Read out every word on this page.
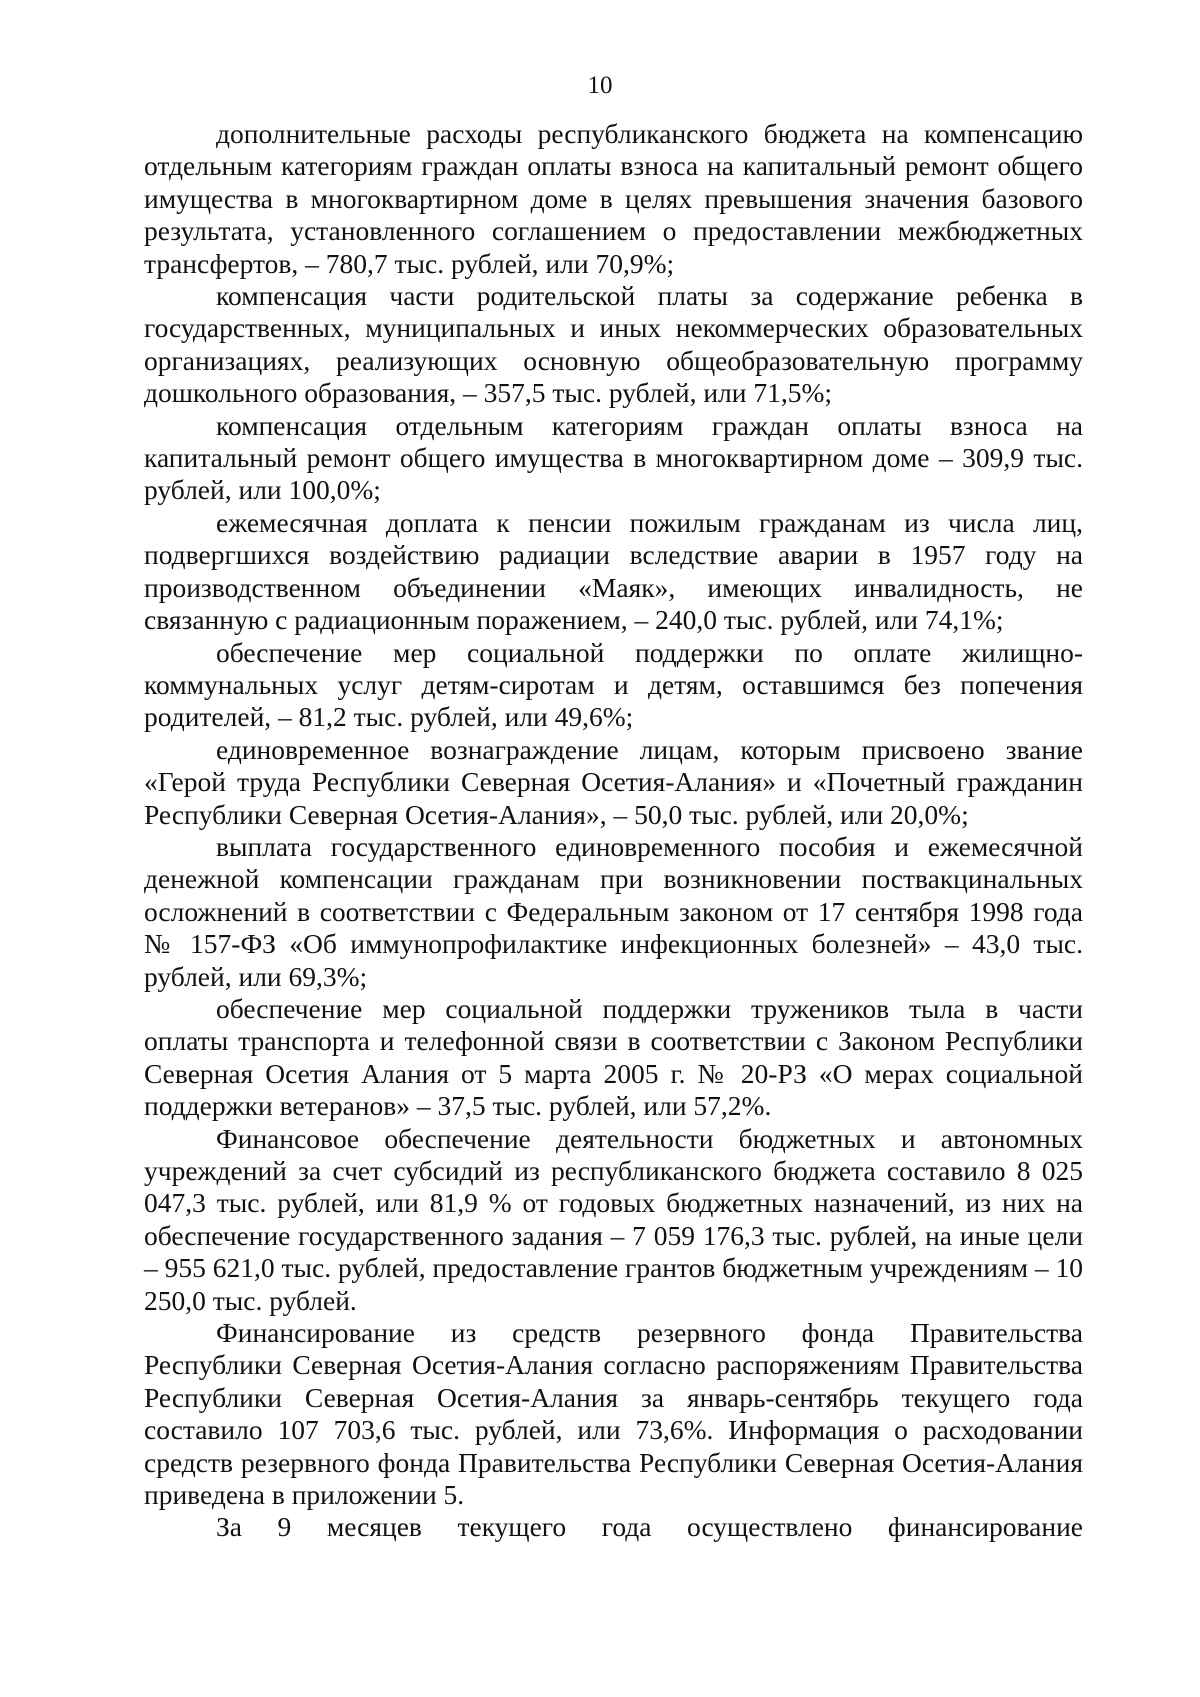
10

дополнительные расходы республиканского бюджета на компенсацию отдельным категориям граждан оплаты взноса на капитальный ремонт общего имущества в многоквартирном доме в целях превышения значения базового результата, установленного соглашением о предоставлении межбюджетных трансфертов, – 780,7 тыс. рублей, или 70,9%;

компенсация части родительской платы за содержание ребенка в государственных, муниципальных и иных некоммерческих образовательных организациях, реализующих основную общеобразовательную программу дошкольного образования, – 357,5 тыс. рублей, или 71,5%;

компенсация отдельным категориям граждан оплаты взноса на капитальный ремонт общего имущества в многоквартирном доме – 309,9 тыс. рублей, или 100,0%;

ежемесячная доплата к пенсии пожилым гражданам из числа лиц, подвергшихся воздействию радиации вследствие аварии в 1957 году на производственном объединении «Маяк», имеющих инвалидность, не связанную с радиационным поражением, – 240,0 тыс. рублей, или 74,1%;

обеспечение мер социальной поддержки по оплате жилищно-коммунальных услуг детям-сиротам и детям, оставшимся без попечения родителей, – 81,2 тыс. рублей, или 49,6%;

единовременное вознаграждение лицам, которым присвоено звание «Герой труда Республики Северная Осетия-Алания» и «Почетный гражданин Республики Северная Осетия-Алания», – 50,0 тыс. рублей, или 20,0%;

выплата государственного единовременного пособия и ежемесячной денежной компенсации гражданам при возникновении поствакцинальных осложнений в соответствии с Федеральным законом от 17 сентября 1998 года № 157-ФЗ «Об иммунопрофилактике инфекционных болезней» – 43,0 тыс. рублей, или 69,3%;

обеспечение мер социальной поддержки тружеников тыла в части оплаты транспорта и телефонной связи в соответствии с Законом Республики Северная Осетия Алания от 5 марта 2005 г. № 20-РЗ «О мерах социальной поддержки ветеранов» – 37,5 тыс. рублей, или 57,2%.

Финансовое обеспечение деятельности бюджетных и автономных учреждений за счет субсидий из республиканского бюджета составило 8 025 047,3 тыс. рублей, или 81,9 % от годовых бюджетных назначений, из них на обеспечение государственного задания – 7 059 176,3 тыс. рублей, на иные цели – 955 621,0 тыс. рублей, предоставление грантов бюджетным учреждениям – 10 250,0 тыс. рублей.

Финансирование из средств резервного фонда Правительства Республики Северная Осетия-Алания согласно распоряжениям Правительства Республики Северная Осетия-Алания за январь-сентябрь текущего года составило 107 703,6 тыс. рублей, или 73,6%. Информация о расходовании средств резервного фонда Правительства Республики Северная Осетия-Алания приведена в приложении 5.

За 9 месяцев текущего года осуществлено финансирование
